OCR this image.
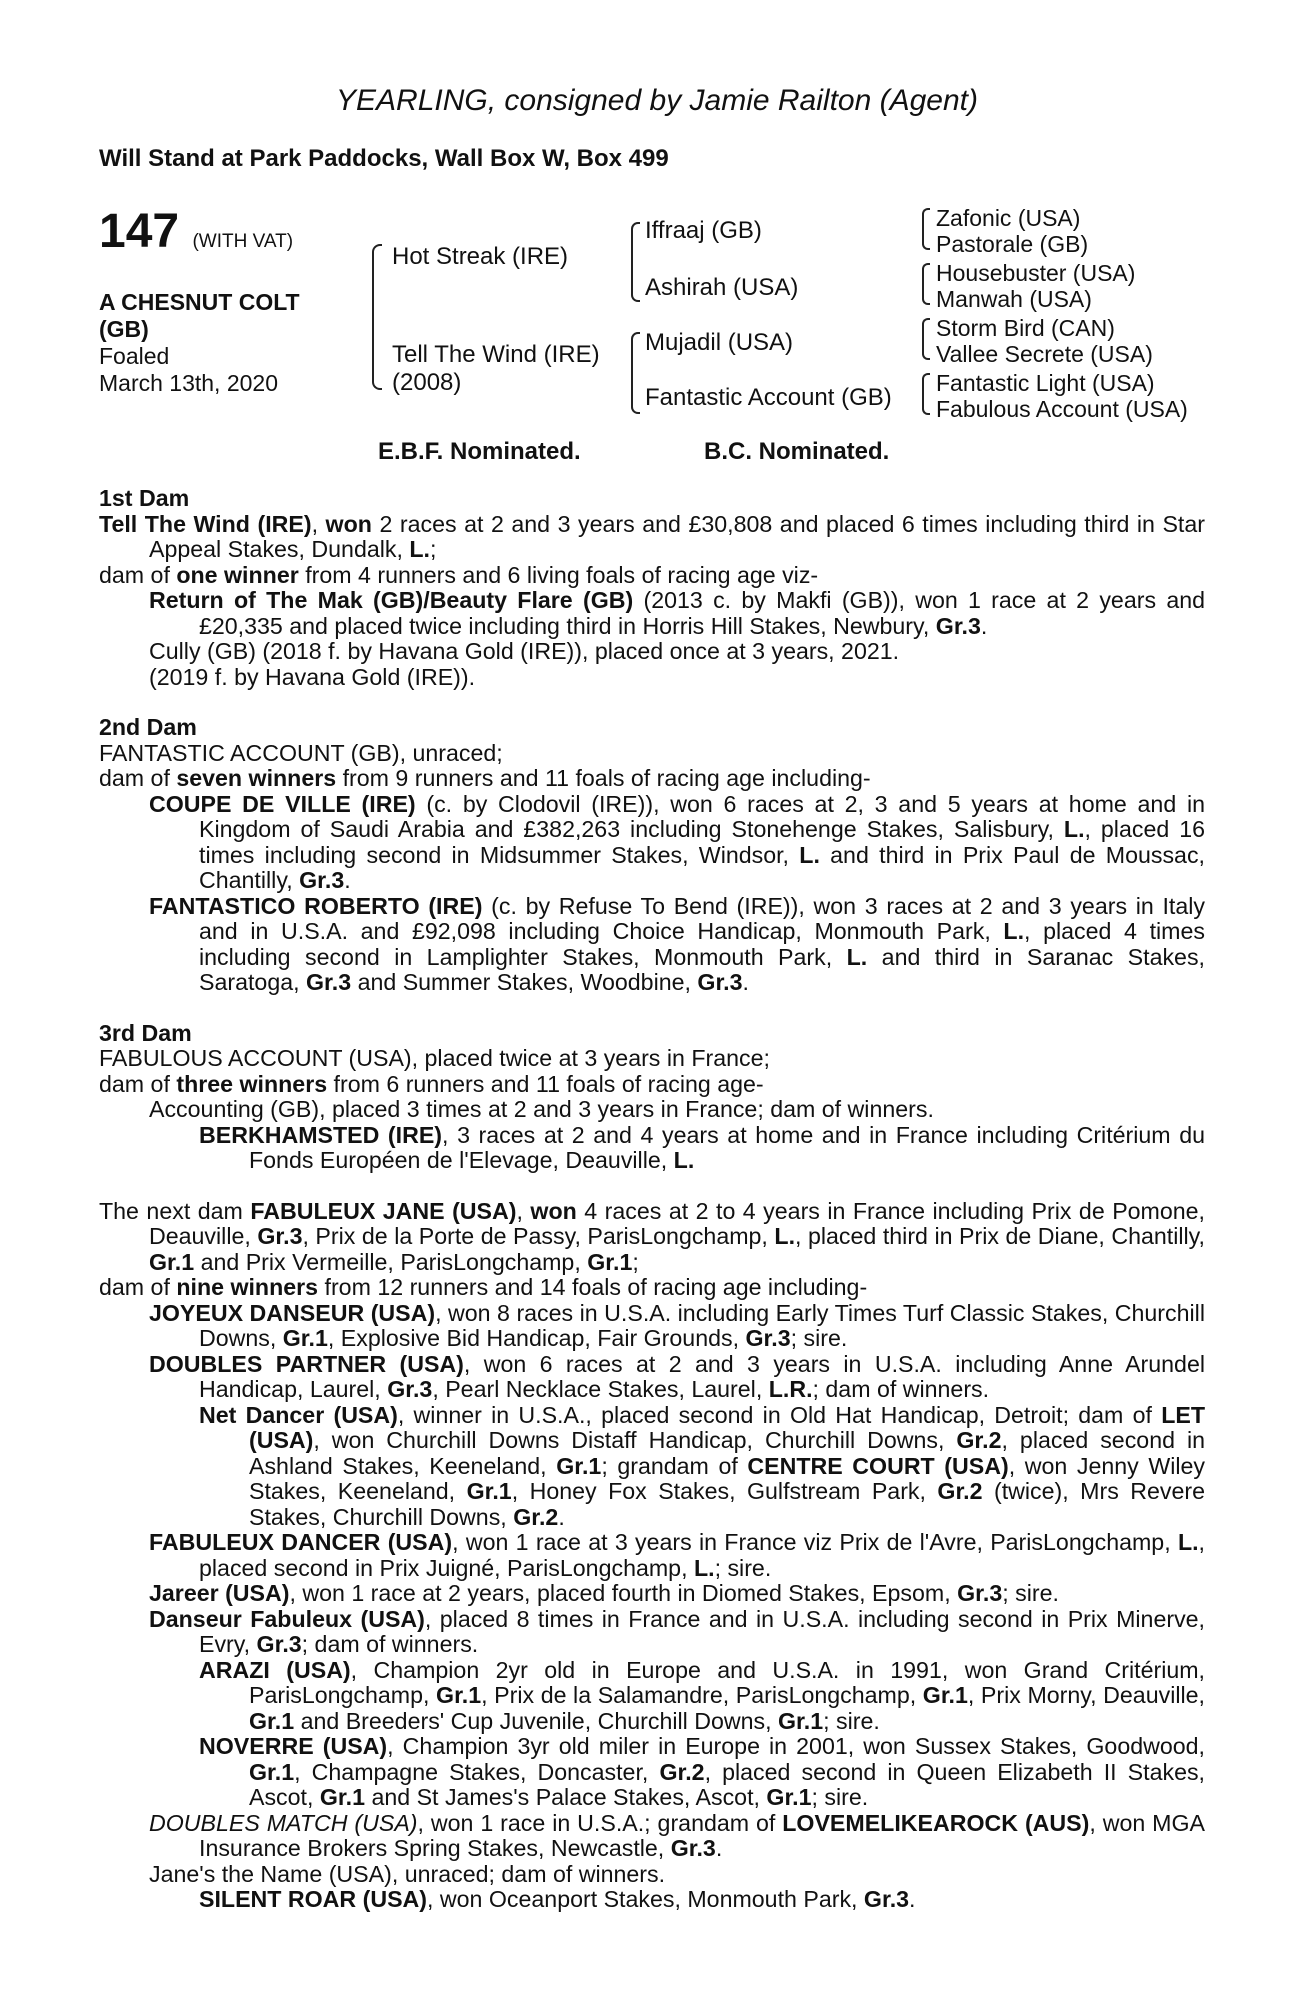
YEARLING, consigned by Jamie Railton (Agent)
Will Stand at Park Paddocks, Wall Box W, Box 499
147 (WITH VAT)
A CHESNUT COLT
(GB)
Foaled
March 13th, 2020
Hot Streak (IRE)
Tell The Wind (IRE)
(2008)
Iffraaj (GB)
Ashirah (USA)
Mujadil (USA)
Fantastic Account (GB)
Zafonic (USA)
Pastorale (GB)
Housebuster (USA)
Manwah (USA)
Storm Bird (CAN)
Vallee Secrete (USA)
Fantastic Light (USA)
Fabulous Account (USA)
E.B.F. Nominated.	B.C. Nominated.

1st Dam

Tell The Wind (IRE), won 2 races at 2 and 3 years and £30,808 and placed 6 times including third in Star Appeal Stakes, Dundalk, L.;

dam of one winner from 4 runners and 6 living foals of racing age viz-

Return of The Mak (GB)/Beauty Flare (GB) (2013 c. by Makfi (GB)), won 1 race at 2 years and £20,335 and placed twice including third in Horris Hill Stakes, Newbury, Gr.3.

Cully (GB) (2018 f. by Havana Gold (IRE)), placed once at 3 years, 2021.

(2019 f. by Havana Gold (IRE)).

2nd Dam

FANTASTIC ACCOUNT (GB), unraced;

dam of seven winners from 9 runners and 11 foals of racing age including-

COUPE DE VILLE (IRE) (c. by Clodovil (IRE)), won 6 races at 2, 3 and 5 years at home and in Kingdom of Saudi Arabia and £382,263 including Stonehenge Stakes, Salisbury, L., placed 16 times including second in Midsummer Stakes, Windsor, L. and third in Prix Paul de Moussac, Chantilly, Gr.3.

FANTASTICO ROBERTO (IRE) (c. by Refuse To Bend (IRE)), won 3 races at 2 and 3 years in Italy and in U.S.A. and £92,098 including Choice Handicap, Monmouth Park, L., placed 4 times including second in Lamplighter Stakes, Monmouth Park, L. and third in Saranac Stakes, Saratoga, Gr.3 and Summer Stakes, Woodbine, Gr.3.

3rd Dam

FABULOUS ACCOUNT (USA), placed twice at 3 years in France;

dam of three winners from 6 runners and 11 foals of racing age-

Accounting (GB), placed 3 times at 2 and 3 years in France; dam of winners.

BERKHAMSTED (IRE), 3 races at 2 and 4 years at home and in France including Critérium du Fonds Européen de l'Elevage, Deauville, L.

The next dam FABULEUX JANE (USA), won 4 races at 2 to 4 years in France including Prix de Pomone, Deauville, Gr.3, Prix de la Porte de Passy, ParisLongchamp, L., placed third in Prix de Diane, Chantilly, Gr.1 and Prix Vermeille, ParisLongchamp, Gr.1;

dam of nine winners from 12 runners and 14 foals of racing age including-

JOYEUX DANSEUR (USA), won 8 races in U.S.A. including Early Times Turf Classic Stakes, Churchill Downs, Gr.1, Explosive Bid Handicap, Fair Grounds, Gr.3; sire.

DOUBLES PARTNER (USA), won 6 races at 2 and 3 years in U.S.A. including Anne Arundel Handicap, Laurel, Gr.3, Pearl Necklace Stakes, Laurel, L.R.; dam of winners.

Net Dancer (USA), winner in U.S.A., placed second in Old Hat Handicap, Detroit; dam of LET (USA), won Churchill Downs Distaff Handicap, Churchill Downs, Gr.2, placed second in Ashland Stakes, Keeneland, Gr.1; grandam of CENTRE COURT (USA), won Jenny Wiley Stakes, Keeneland, Gr.1, Honey Fox Stakes, Gulfstream Park, Gr.2 (twice), Mrs Revere Stakes, Churchill Downs, Gr.2.

FABULEUX DANCER (USA), won 1 race at 3 years in France viz Prix de l'Avre, ParisLongchamp, L., placed second in Prix Juigné, ParisLongchamp, L.; sire.

Jareer (USA), won 1 race at 2 years, placed fourth in Diomed Stakes, Epsom, Gr.3; sire.

Danseur Fabuleux (USA), placed 8 times in France and in U.S.A. including second in Prix Minerve, Evry, Gr.3; dam of winners.

ARAZI (USA), Champion 2yr old in Europe and U.S.A. in 1991, won Grand Critérium, ParisLongchamp, Gr.1, Prix de la Salamandre, ParisLongchamp, Gr.1, Prix Morny, Deauville, Gr.1 and Breeders' Cup Juvenile, Churchill Downs, Gr.1; sire.

NOVERRE (USA), Champion 3yr old miler in Europe in 2001, won Sussex Stakes, Goodwood, Gr.1, Champagne Stakes, Doncaster, Gr.2, placed second in Queen Elizabeth II Stakes, Ascot, Gr.1 and St James's Palace Stakes, Ascot, Gr.1; sire.

DOUBLES MATCH (USA), won 1 race in U.S.A.; grandam of LOVEMELIKEAROCK (AUS), won MGA Insurance Brokers Spring Stakes, Newcastle, Gr.3.

Jane's the Name (USA), unraced; dam of winners.

SILENT ROAR (USA), won Oceanport Stakes, Monmouth Park, Gr.3.
